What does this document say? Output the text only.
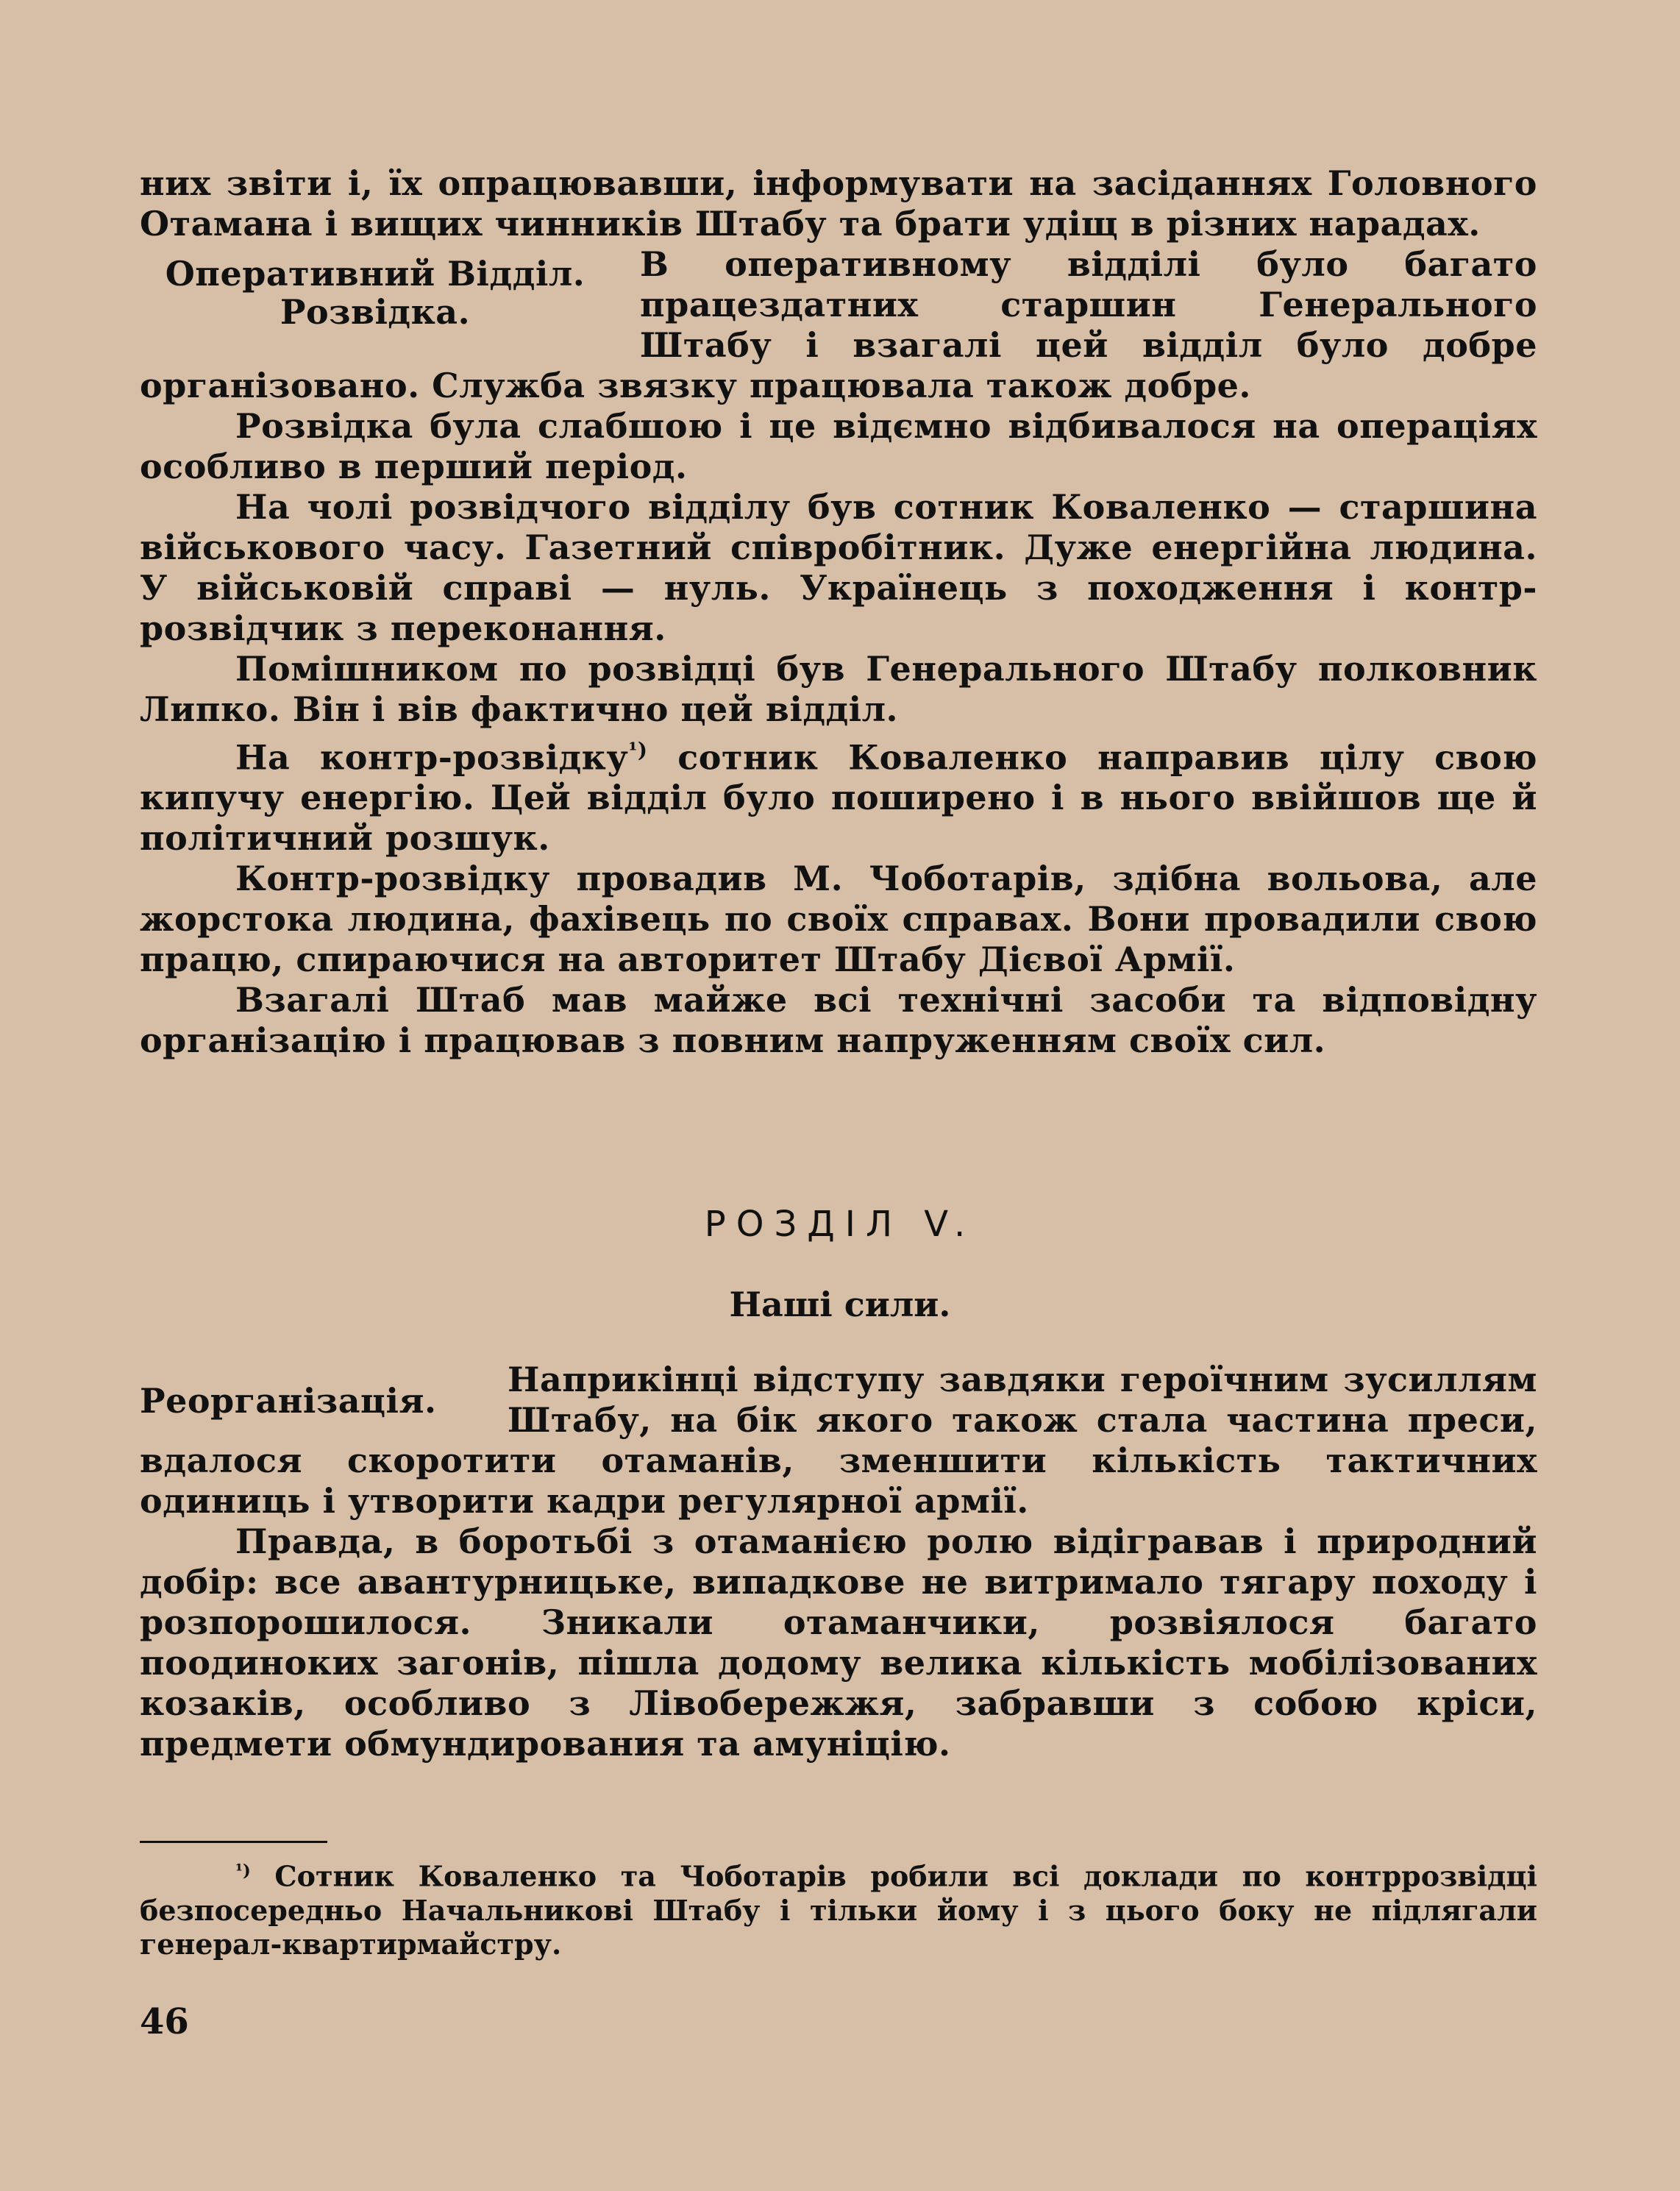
них звіти і, їх опрацювавши, інформувати на засіданнях Головного Отамана і вищих чинників Штабу та брати удіщ в різних нарадах.

Оперативний Відділ.
Розвідка.

В оперативному відділі було багато працездатних старшин Генерального Штабу і взагалі цей відділ було добре організовано. Служба звязку працювала також добре.

Розвідка була слабшою і це відємно відбивалося на операціях особливо в перший період.

На чолі розвідчого відділу був сотник Коваленко — старшина військового часу. Газетний співробітник. Дуже енергійна людина. У військовій справі — нуль. Українець з походження і контр-розвідчик з переконання.

Помішником по розвідці був Генерального Штабу полковник Липко. Він і вів фактично цей відділ.

На контр-розвідку$^{^1)}$ сотник Коваленко направив цілу свою кипучу енергію. Цей відділ було поширено і в нього ввійшов ще й політичний розшук.

Контр-розвідку провадив М. Чоботарів, здібна вольова, але жорстока людина, фахівець по своїх справах. Вони провадили свою працю, спираючися на авторитет Штабу Дієвої Армії.

Взагалі Штаб мав майже всі технічні засоби та відповідну організацію і працював з повним напруженням своїх сил.

РОЗДІЛ V.
Наші сили.
Реорганізація.

Наприкінці відступу завдяки героїчним зусиллям Штабу, на бік якого також стала частина преси, вдалося скоротити отаманів, зменшити кількість тактичних одиниць і утворити кадри регулярної армії.

Правда, в боротьбі з отаманією ролю відігравав і природний добір: все авантурницьке, випадкове не витримало тягару походу і розпорошилося. Зникали отаманчики, розвіялося багато поодиноких загонів, пішла додому велика кількість мобілізованих козаків, особливо з Лівобережжя, забравши з собою кріси, предмети обмундирования та амуніцію.

$^{^1)}$ Сотник Коваленко та Чоботарів робили всі доклади по контррозвідці безпосередньо Начальникові Штабу і тільки йому і з цього боку не підлягали генерал-квартирмайстру.
46
